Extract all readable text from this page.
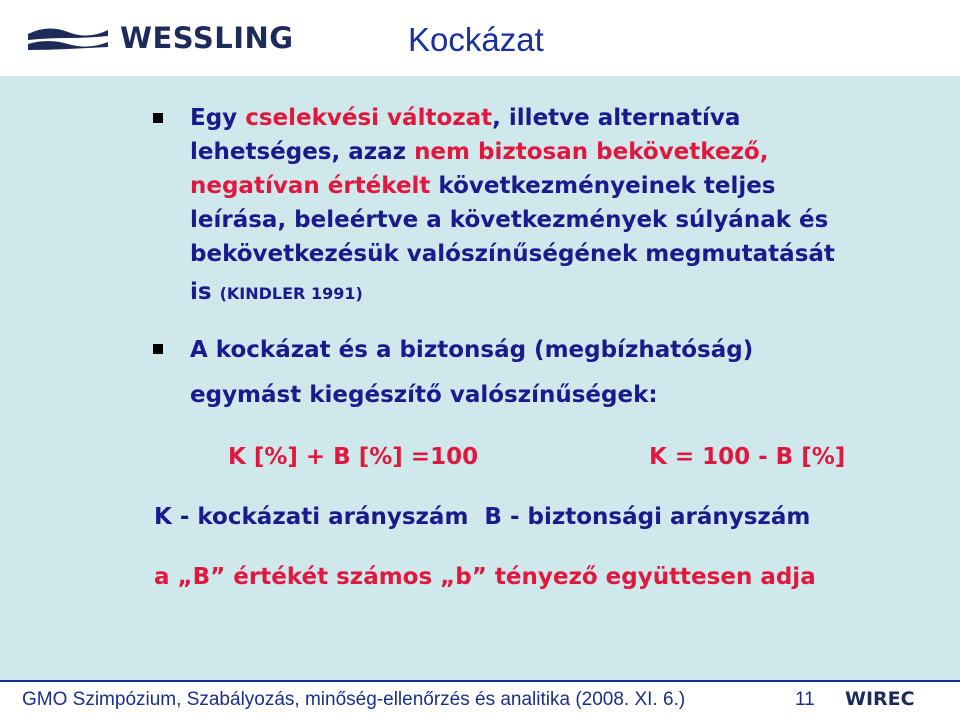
WESSLING	Kockázat
Egy cselekvési változat, illetve alternatíva
lehetséges, azaz nem biztosan bekövetkező,
negatívan értékelt következményeinek teljes
leírása, beleértve a következmények súlyának és
bekövetkezésük valószínűségének megmutatását
is (KINDLER 1991)
A kockázat és a biztonság (megbízhatóság)
egymást kiegészítő valószínűségek:
K [%] + B [%] =100	K = 100 - B [%]
K - kockázati arányszám  B - biztonsági arányszám
a „B” értékét számos „b” tényező együttesen adja
GMO Szimpózium, Szabályozás, minőség-ellenőrzés és analitika (2008. XI. 6.)	11 WIREC
